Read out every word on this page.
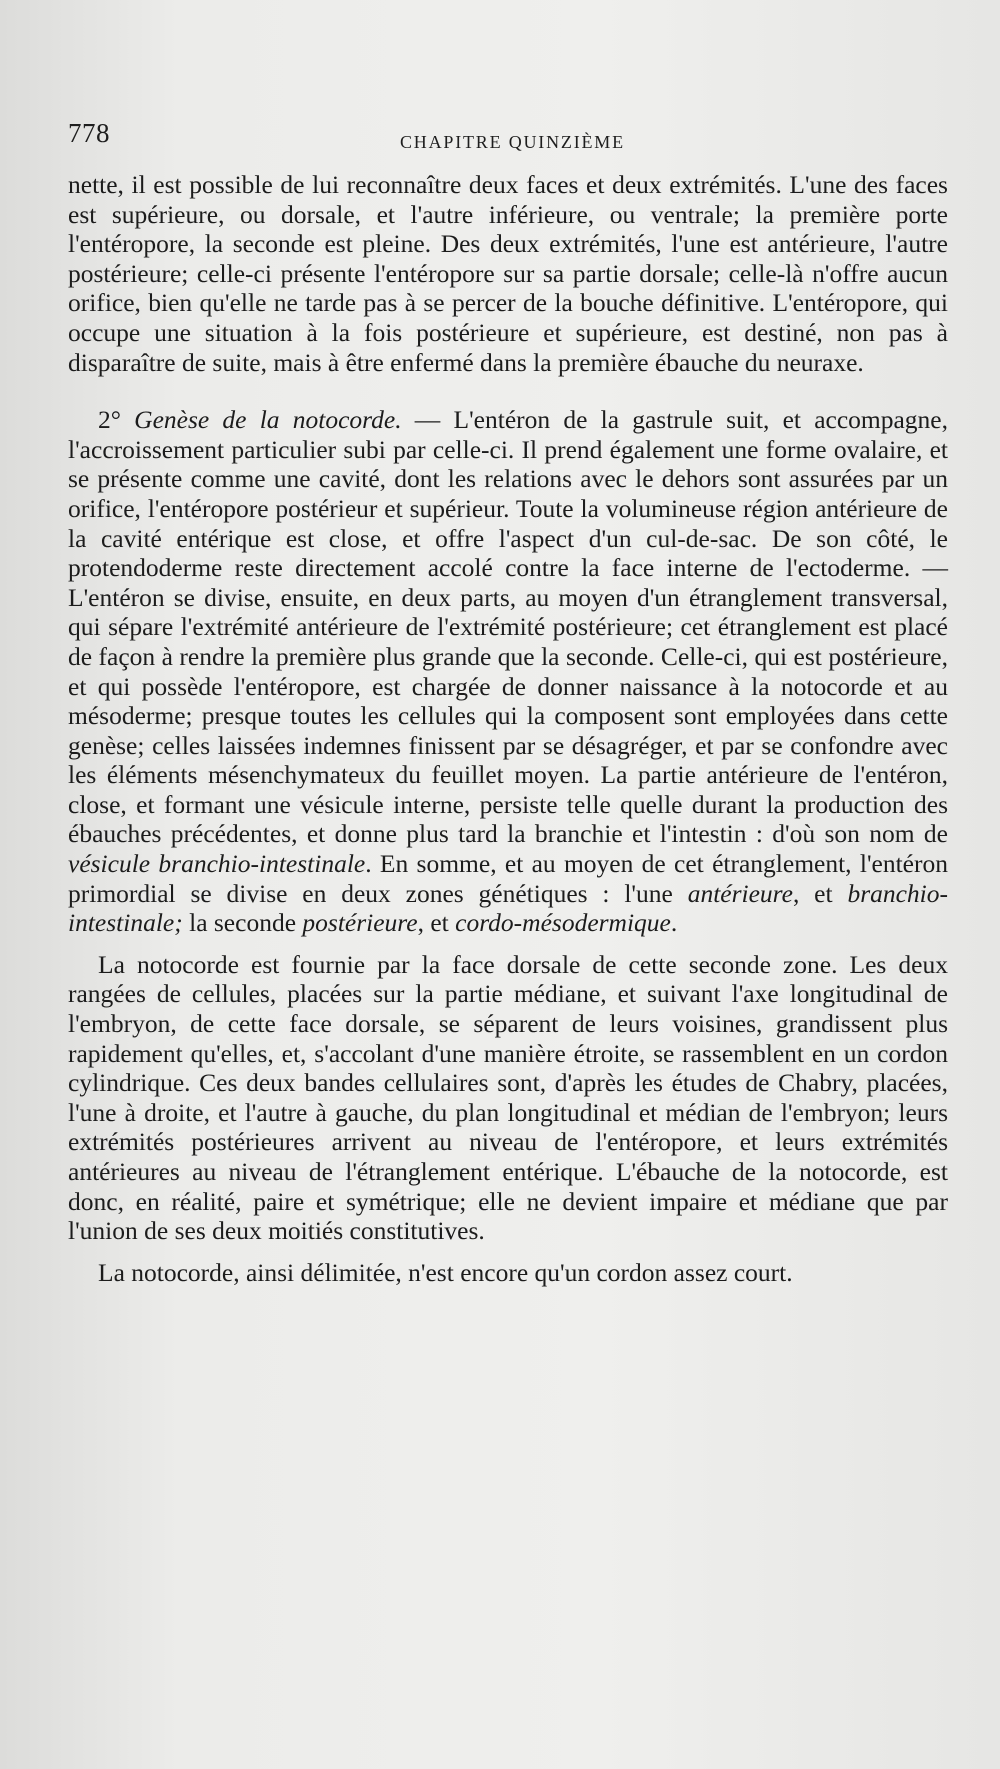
778	CHAPITRE QUINZIÈME

nette, il est possible de lui reconnaître deux faces et deux extrémités. L'une des faces est supérieure, ou dorsale, et l'autre inférieure, ou ventrale; la première porte l'entéropore, la seconde est pleine. Des deux extrémités, l'une est antérieure, l'autre postérieure; celle-ci présente l'entéropore sur sa partie dorsale; celle-là n'offre aucun orifice, bien qu'elle ne tarde pas à se percer de la bouche définitive. L'entéropore, qui occupe une situation à la fois postérieure et supérieure, est destiné, non pas à disparaître de suite, mais à être enfermé dans la première ébauche du neuraxe.

2° Genèse de la notocorde. — L'entéron de la gastrule suit, et accompagne, l'accroissement particulier subi par celle-ci. Il prend également une forme ovalaire, et se présente comme une cavité, dont les relations avec le dehors sont assurées par un orifice, l'entéropore postérieur et supérieur. Toute la volumineuse région antérieure de la cavité entérique est close, et offre l'aspect d'un cul-de-sac. De son côté, le protendoderme reste directement accolé contre la face interne de l'ectoderme. — L'entéron se divise, ensuite, en deux parts, au moyen d'un étranglement transversal, qui sépare l'extrémité antérieure de l'extrémité postérieure; cet étranglement est placé de façon à rendre la première plus grande que la seconde. Celle-ci, qui est postérieure, et qui possède l'entéropore, est chargée de donner naissance à la notocorde et au mésoderme; presque toutes les cellules qui la composent sont employées dans cette genèse; celles laissées indemnes finissent par se désagréger, et par se confondre avec les éléments mésenchymateux du feuillet moyen. La partie antérieure de l'entéron, close, et formant une vésicule interne, persiste telle quelle durant la production des ébauches précédentes, et donne plus tard la branchie et l'intestin : d'où son nom de vésicule branchio-intestinale. En somme, et au moyen de cet étranglement, l'entéron primordial se divise en deux zones génétiques : l'une antérieure, et branchio-intestinale; la seconde postérieure, et cordo-mésodermique.

La notocorde est fournie par la face dorsale de cette seconde zone. Les deux rangées de cellules, placées sur la partie médiane, et suivant l'axe longitudinal de l'embryon, de cette face dorsale, se séparent de leurs voisines, grandissent plus rapidement qu'elles, et, s'accolant d'une manière étroite, se rassemblent en un cordon cylindrique. Ces deux bandes cellulaires sont, d'après les études de Chabry, placées, l'une à droite, et l'autre à gauche, du plan longitudinal et médian de l'embryon; leurs extrémités postérieures arrivent au niveau de l'entéropore, et leurs extrémités antérieures au niveau de l'étranglement entérique. L'ébauche de la notocorde, est donc, en réalité, paire et symétrique; elle ne devient impaire et médiane que par l'union de ses deux moitiés constitutives.

La notocorde, ainsi délimitée, n'est encore qu'un cordon assez court.
